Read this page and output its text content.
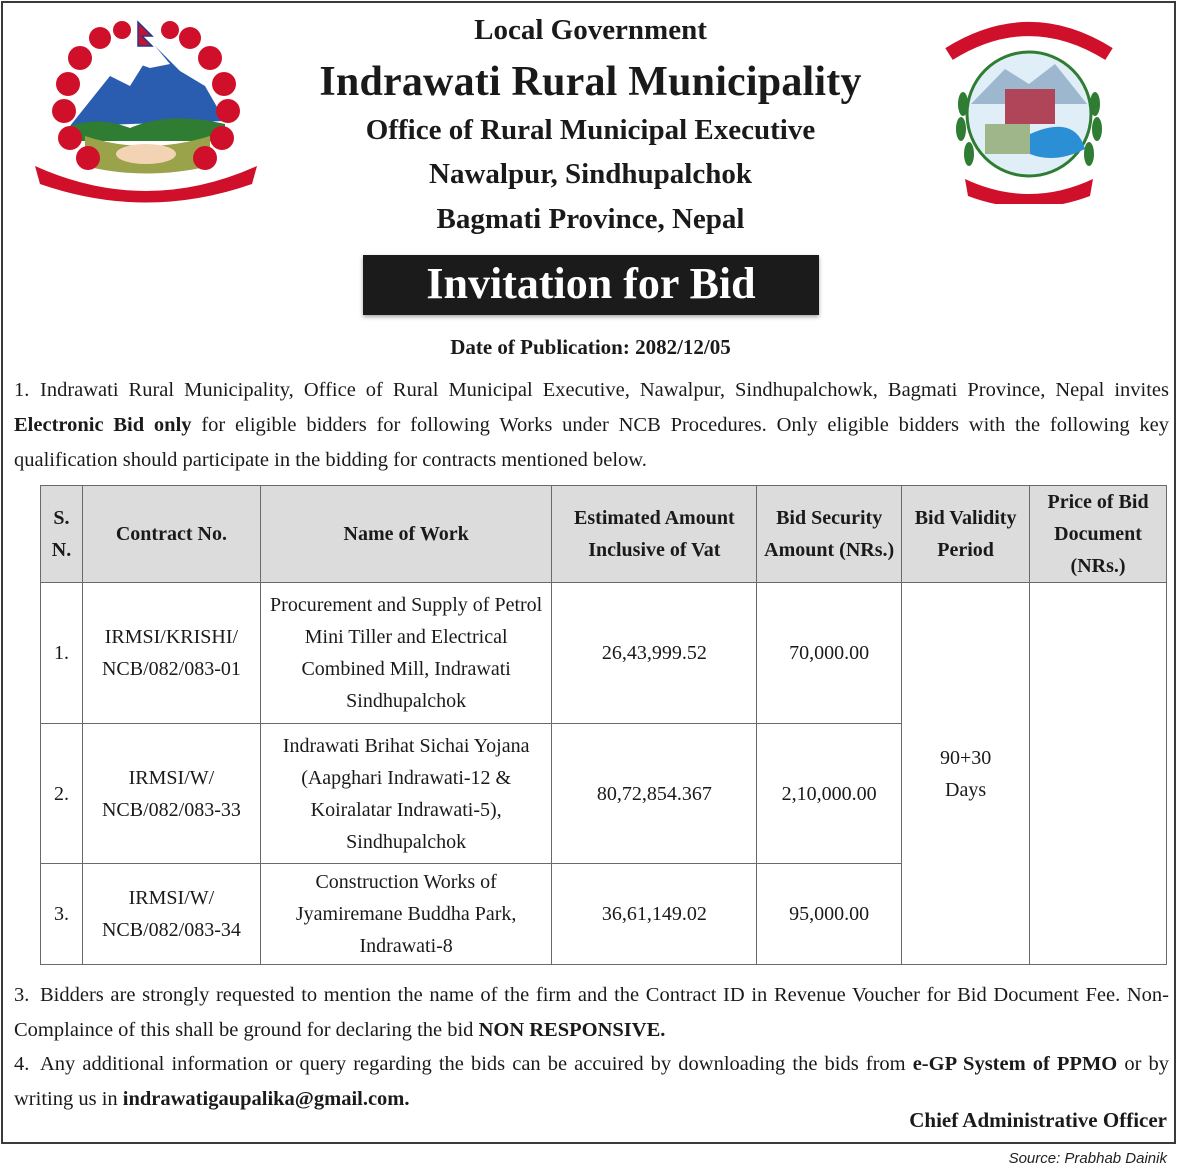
Local Government
Indrawati Rural Municipality
Office of Rural Municipal Executive
Nawalpur, Sindhupalchok
Bagmati Province, Nepal
Invitation for Bid
Date of Publication: 2082/12/05
1. Indrawati Rural Municipality, Office of Rural Municipal Executive, Nawalpur, Sindhupalchowk, Bagmati Province, Nepal invites Electronic Bid only for eligible bidders for following Works under NCB Procedures. Only eligible bidders with the following key qualification should participate in the bidding for contracts mentioned below.
S. N.	Contract No.	Name of Work	Estimated Amount Inclusive of Vat	Bid Security Amount (NRs.)	Bid Validity Period	Price of Bid Document (NRs.)
1.	IRMSI/KRISHI/ NCB/082/083-01	Procurement and Supply of Petrol Mini Tiller and Electrical Combined Mill, Indrawati Sindhupalchok	26,43,999.52	70,000.00	90+30 Days	
2.	IRMSI/W/ NCB/082/083-33	Indrawati Brihat Sichai Yojana (Aapghari Indrawati-12 & Koiralatar Indrawati-5), Sindhupalchok	80,72,854.367	2,10,000.00		
3.	IRMSI/W/ NCB/082/083-34	Construction Works of Jyamiremane Buddha Park, Indrawati-8	36,61,149.02	95,000.00		
3. Bidders are strongly requested to mention the name of the firm and the Contract ID in Revenue Voucher for Bid Document Fee. Non-Complaince of this shall be ground for declaring the bid NON RESPONSIVE.
4. Any additional information or query regarding the bids can be accuired by downloading the bids from e-GP System of PPMO or by writing us in indrawatigaupalika@gmail.com.
Chief Administrative Officer
Source: Prabhab Dainik
